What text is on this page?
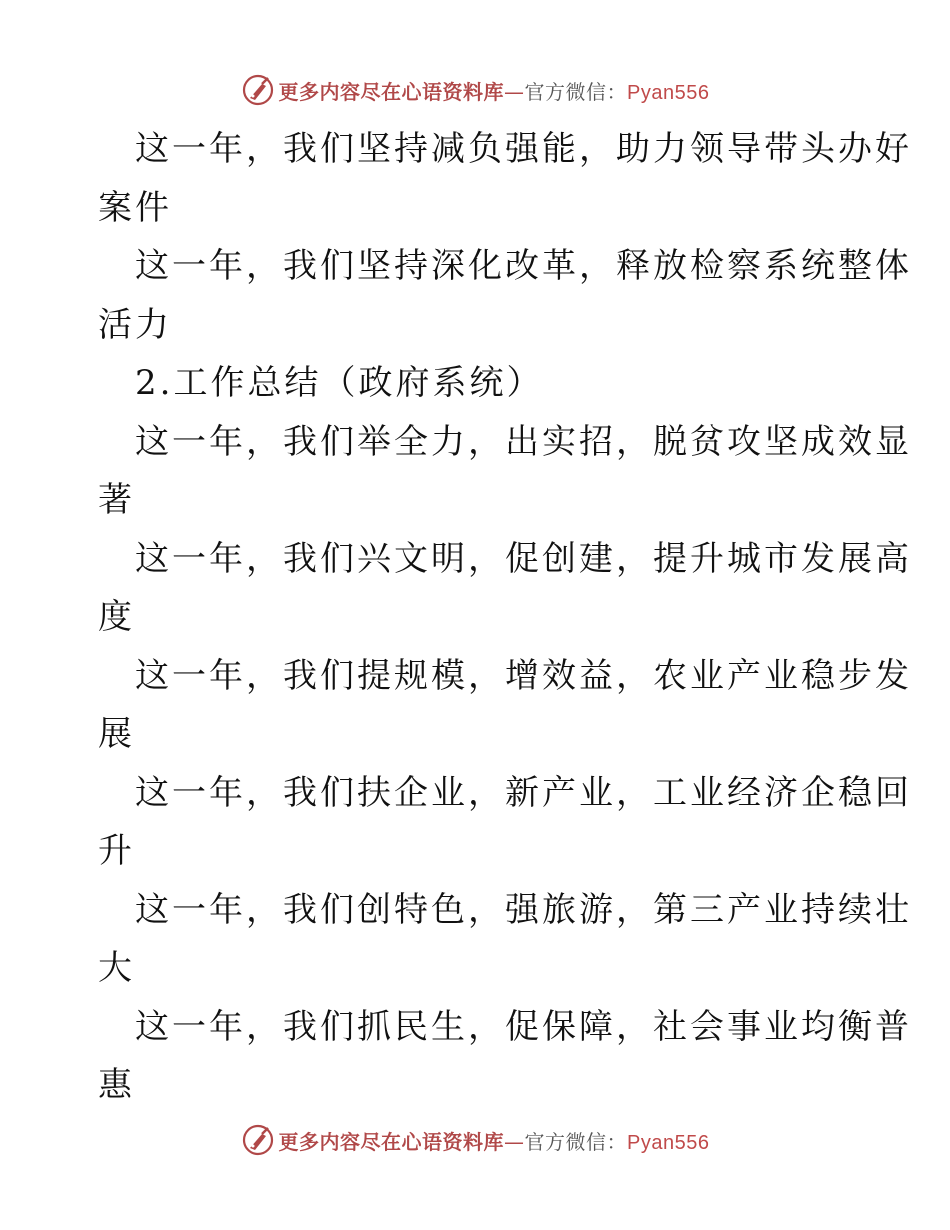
更多内容尽在心语资料库—官方微信：Pyan556
这一年，我们坚持减负强能，助力领导带头办好
案件
这一年，我们坚持深化改革，释放检察系统整体
活力
2.工作总结（政府系统）
这一年，我们举全力，出实招，脱贫攻坚成效显
著
这一年，我们兴文明，促创建，提升城市发展高
度
这一年，我们提规模，增效益，农业产业稳步发
展
这一年，我们扶企业，新产业，工业经济企稳回
升
这一年，我们创特色，强旅游，第三产业持续壮
大
这一年，我们抓民生，促保障，社会事业均衡普
惠
更多内容尽在心语资料库—官方微信：Pyan556
